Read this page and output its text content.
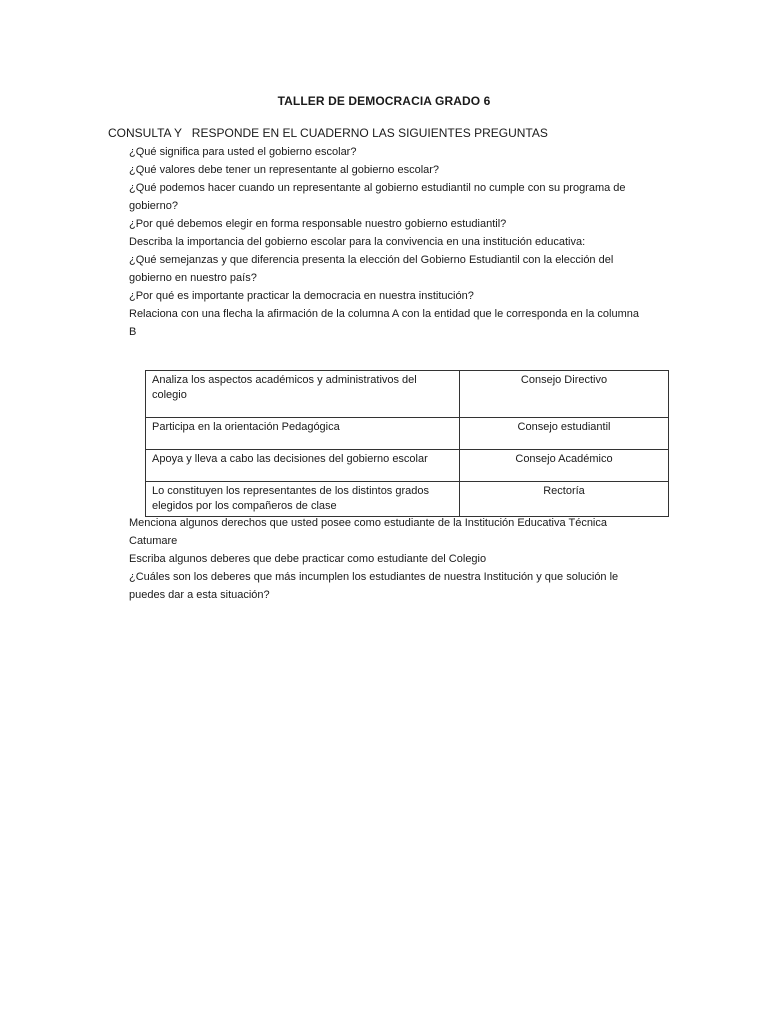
TALLER DE DEMOCRACIA GRADO 6
CONSULTA Y   RESPONDE EN EL CUADERNO LAS SIGUIENTES PREGUNTAS

¿Qué significa para usted el gobierno escolar?

¿Qué valores debe tener un representante al gobierno escolar?

¿Qué podemos hacer cuando un representante al gobierno estudiantil no cumple con su programa de gobierno?

¿Por qué debemos elegir en forma responsable nuestro gobierno estudiantil?

Describa la importancia del gobierno escolar para la convivencia en una institución educativa:

¿Qué semejanzas y que diferencia presenta la elección del Gobierno Estudiantil con la elección del gobierno en nuestro país?

¿Por qué es importante practicar la democracia en nuestra institución?

Relaciona con una flecha la afirmación de la columna A con la entidad que le corresponda en la columna B

Analiza los aspectos académicos y administrativos del colegio	Consejo Directivo
Participa en la orientación Pedagógica	Consejo estudiantil
Apoya y lleva a cabo las decisiones del gobierno escolar	Consejo Académico
Lo constituyen los representantes de los distintos grados elegidos por los compañeros de clase	Rectoría

Menciona algunos derechos que usted posee como estudiante de la Institución Educativa Técnica Catumare

Escriba algunos deberes que debe practicar como estudiante del Colegio

¿Cuáles son los deberes que más incumplen los estudiantes de nuestra Institución y que solución le puedes dar a esta situación?
